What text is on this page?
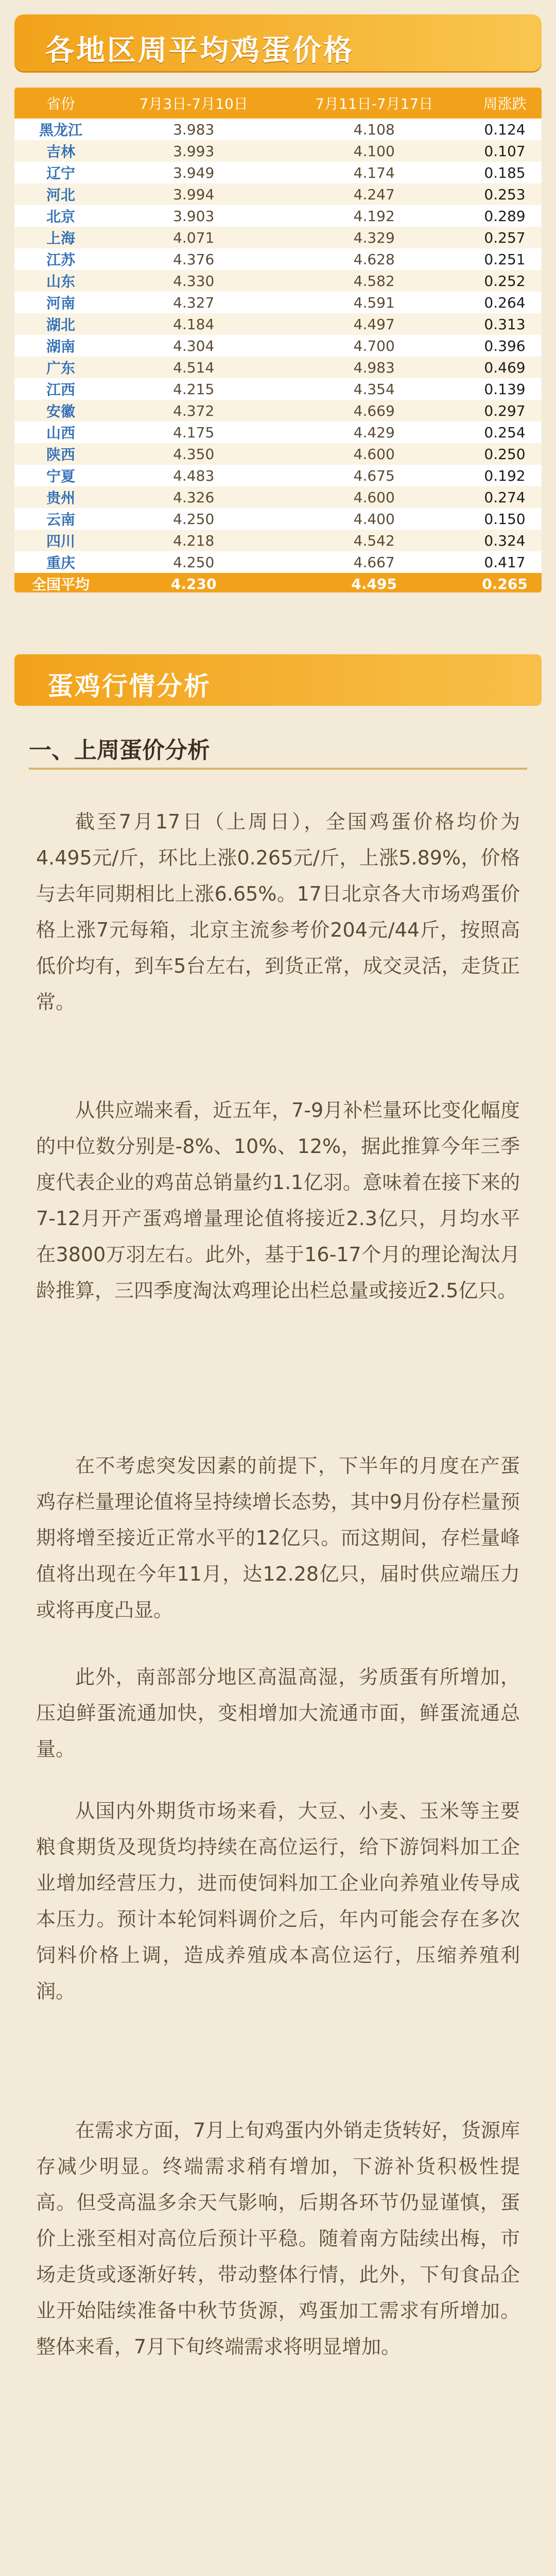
各地区周平均鸡蛋价格
省份	7月3日-7月10日	7月11日-7月17日	周涨跌
黑龙江	3.983	4.108	0.124
吉林	3.993	4.100	0.107
辽宁	3.949	4.174	0.185
河北	3.994	4.247	0.253
北京	3.903	4.192	0.289
上海	4.071	4.329	0.257
江苏	4.376	4.628	0.251
山东	4.330	4.582	0.252
河南	4.327	4.591	0.264
湖北	4.184	4.497	0.313
湖南	4.304	4.700	0.396
广东	4.514	4.983	0.469
江西	4.215	4.354	0.139
安徽	4.372	4.669	0.297
山西	4.175	4.429	0.254
陕西	4.350	4.600	0.250
宁夏	4.483	4.675	0.192
贵州	4.326	4.600	0.274
云南	4.250	4.400	0.150
四川	4.218	4.542	0.324
重庆	4.250	4.667	0.417
全国平均	4.230	4.495	0.265
蛋鸡行情分析
一、上周蛋价分析
截至7月17日（上周日），全国鸡蛋价格均价为4.495元/斤，环比上涨0.265元/斤，上涨5.89%，价格与去年同期相比上涨6.65%。17日北京各大市场鸡蛋价格上涨7元每箱，北京主流参考价204元/44斤，按照高低价均有，到车5台左右，到货正常，成交灵活，走货正常。
从供应端来看，近五年，7-9月补栏量环比变化幅度的中位数分别是-8%、10%、12%，据此推算今年三季度代表企业的鸡苗总销量约1.1亿羽。意味着在接下来的7-12月开产蛋鸡增量理论值将接近2.3亿只，月均水平在3800万羽左右。此外，基于16-17个月的理论淘汰月龄推算，三四季度淘汰鸡理论出栏总量或接近2.5亿只。
在不考虑突发因素的前提下，下半年的月度在产蛋鸡存栏量理论值将呈持续增长态势，其中9月份存栏量预期将增至接近正常水平的12亿只。而这期间，存栏量峰值将出现在今年11月，达12.28亿只，届时供应端压力或将再度凸显。
此外，南部部分地区高温高湿，劣质蛋有所增加，压迫鲜蛋流通加快，变相增加大流通市面，鲜蛋流通总量。
从国内外期货市场来看，大豆、小麦、玉米等主要粮食期货及现货均持续在高位运行，给下游饲料加工企业增加经营压力，进而使饲料加工企业向养殖业传导成本压力。预计本轮饲料调价之后，年内可能会存在多次饲料价格上调，造成养殖成本高位运行，压缩养殖利润。
在需求方面，7月上旬鸡蛋内外销走货转好，货源库存减少明显。终端需求稍有增加，下游补货积极性提高。但受高温多余天气影响，后期各环节仍显谨慎，蛋价上涨至相对高位后预计平稳。随着南方陆续出梅，市场走货或逐渐好转，带动整体行情，此外，下旬食品企业开始陆续准备中秋节货源，鸡蛋加工需求有所增加。整体来看，7月下旬终端需求将明显增加。
